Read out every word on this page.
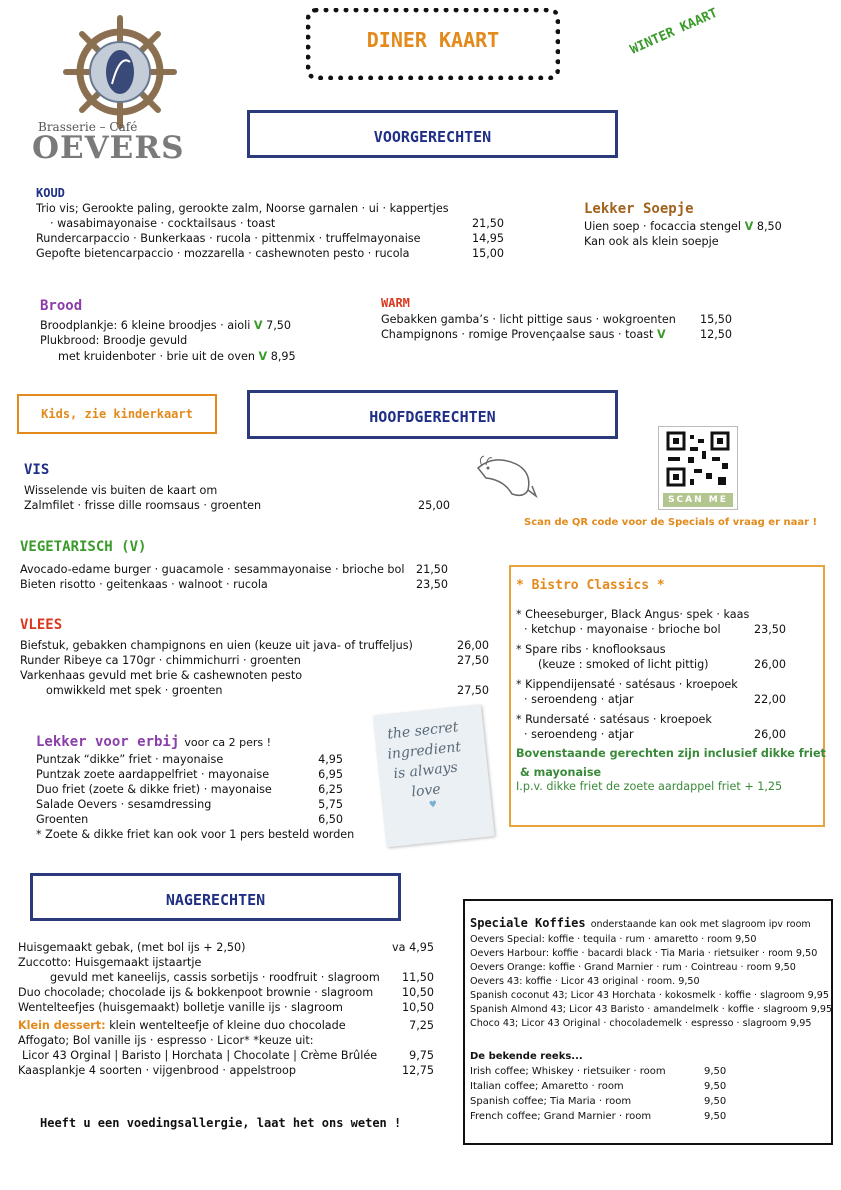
Brasserie – Café
OEVERS
DINER KAART	WINTER KAART
VOORGERECHTEN
KOUD
Trio vis; Gerookte paling, gerookte zalm, Noorse garnalen · ui · kappertjes
· wasabimayonaise · cocktailsaus · toast	21,50
Rundercarpaccio · Bunkerkaas · rucola · pittenmix · truffelmayonaise	14,95
Gepofte bietencarpaccio · mozzarella · cashewnoten pesto · rucola	15,00
Lekker Soepje
Uien soep · focaccia stengel V 8,50
Kan ook als klein soepje
Brood
Broodplankje: 6 kleine broodjes · aioli V 7,50
Plukbrood: Broodje gevuld
met kruidenboter · brie uit de oven V 8,95
WARM
Gebakken gamba’s · licht pittige saus · wokgroenten	15,50
Champignons · romige Provençaalse saus · toast V	12,50
Kids, zie kinderkaart	HOOFDGERECHTEN
SCAN ME
Scan de QR code voor de Specials of vraag er naar !
VIS
Wisselende vis buiten de kaart om
Zalmfilet · frisse dille roomsaus · groenten	25,00
VEGETARISCH (V)
Avocado-edame burger · guacamole · sesammayonaise · brioche bol	21,50
Bieten risotto · geitenkaas · walnoot · rucola	23,50
VLEES
Biefstuk, gebakken champignons en uien (keuze uit java- of truffeljus)	26,00
Runder Ribeye ca 170gr · chimmichurri · groenten	27,50
Varkenhaas gevuld met brie & cashewnoten pesto
omwikkeld met spek · groenten	27,50
Lekker voor erbij voor ca 2 pers !
Puntzak “dikke” friet · mayonaise	4,95
Puntzak zoete aardappelfriet · mayonaise	6,95
Duo friet (zoete & dikke friet) · mayonaise	6,25
Salade Oevers · sesamdressing	5,75
Groenten	6,50
* Zoete & dikke friet kan ook voor 1 pers besteld worden
the secret
ingredient
is always
love
♥
* Bistro Classics *
* Cheeseburger, Black Angus· spek · kaas
· ketchup · mayonaise · brioche bol	23,50
* Spare ribs · knoflooksaus
(keuze : smoked of licht pittig)	26,00
* Kippendijensaté · satésaus · kroepoek
· seroendeng · atjar	22,00
* Rundersaté · satésaus · kroepoek
· seroendeng · atjar	26,00
Bovenstaande gerechten zijn inclusief dikke friet
& mayonaise
I.p.v. dikke friet de zoete aardappel friet + 1,25
NAGERECHTEN
Huisgemaakt gebak, (met bol ijs + 2,50)	va 4,95
Zuccotto: Huisgemaakt ijstaartje
gevuld met kaneelijs, cassis sorbetijs · roodfruit · slagroom	11,50
Duo chocolade; chocolade ijs & bokkenpoot brownie · slagroom	10,50
Wentelteefjes (huisgemaakt) bolletje vanille ijs · slagroom	10,50
Klein dessert: klein wentelteefje of kleine duo chocolade	7,25
Affogato; Bol vanille ijs · espresso · Licor* *keuze uit:
Licor 43 Orginal | Baristo | Horchata | Chocolate | Crème Brûlée	9,75
Kaasplankje 4 soorten · vijgenbrood · appelstroop	12,75
Heeft u een voedingsallergie, laat het ons weten !
Speciale Koffies onderstaande kan ook met slagroom ipv room
Oevers Special: koffie · tequila · rum · amaretto · room 9,50
Oevers Harbour: koffie · bacardi black · Tia Maria · rietsuiker · room 9,50
Oevers Orange: koffie · Grand Marnier · rum · Cointreau · room 9,50
Oevers 43: koffie · Licor 43 original · room. 9,50
Spanish coconut 43; Licor 43 Horchata · kokosmelk · koffie · slagroom 9,95
Spanish Almond 43; Licor 43 Baristo · amandelmelk · koffie · slagroom 9,95
Choco 43; Licor 43 Original · chocolademelk · espresso · slagroom 9,95
De bekende reeks...
Irish coffee; Whiskey · rietsuiker · room	9,50
Italian coffee; Amaretto · room	9,50
Spanish coffee; Tia Maria · room	9,50
French coffee; Grand Marnier · room	9,50
